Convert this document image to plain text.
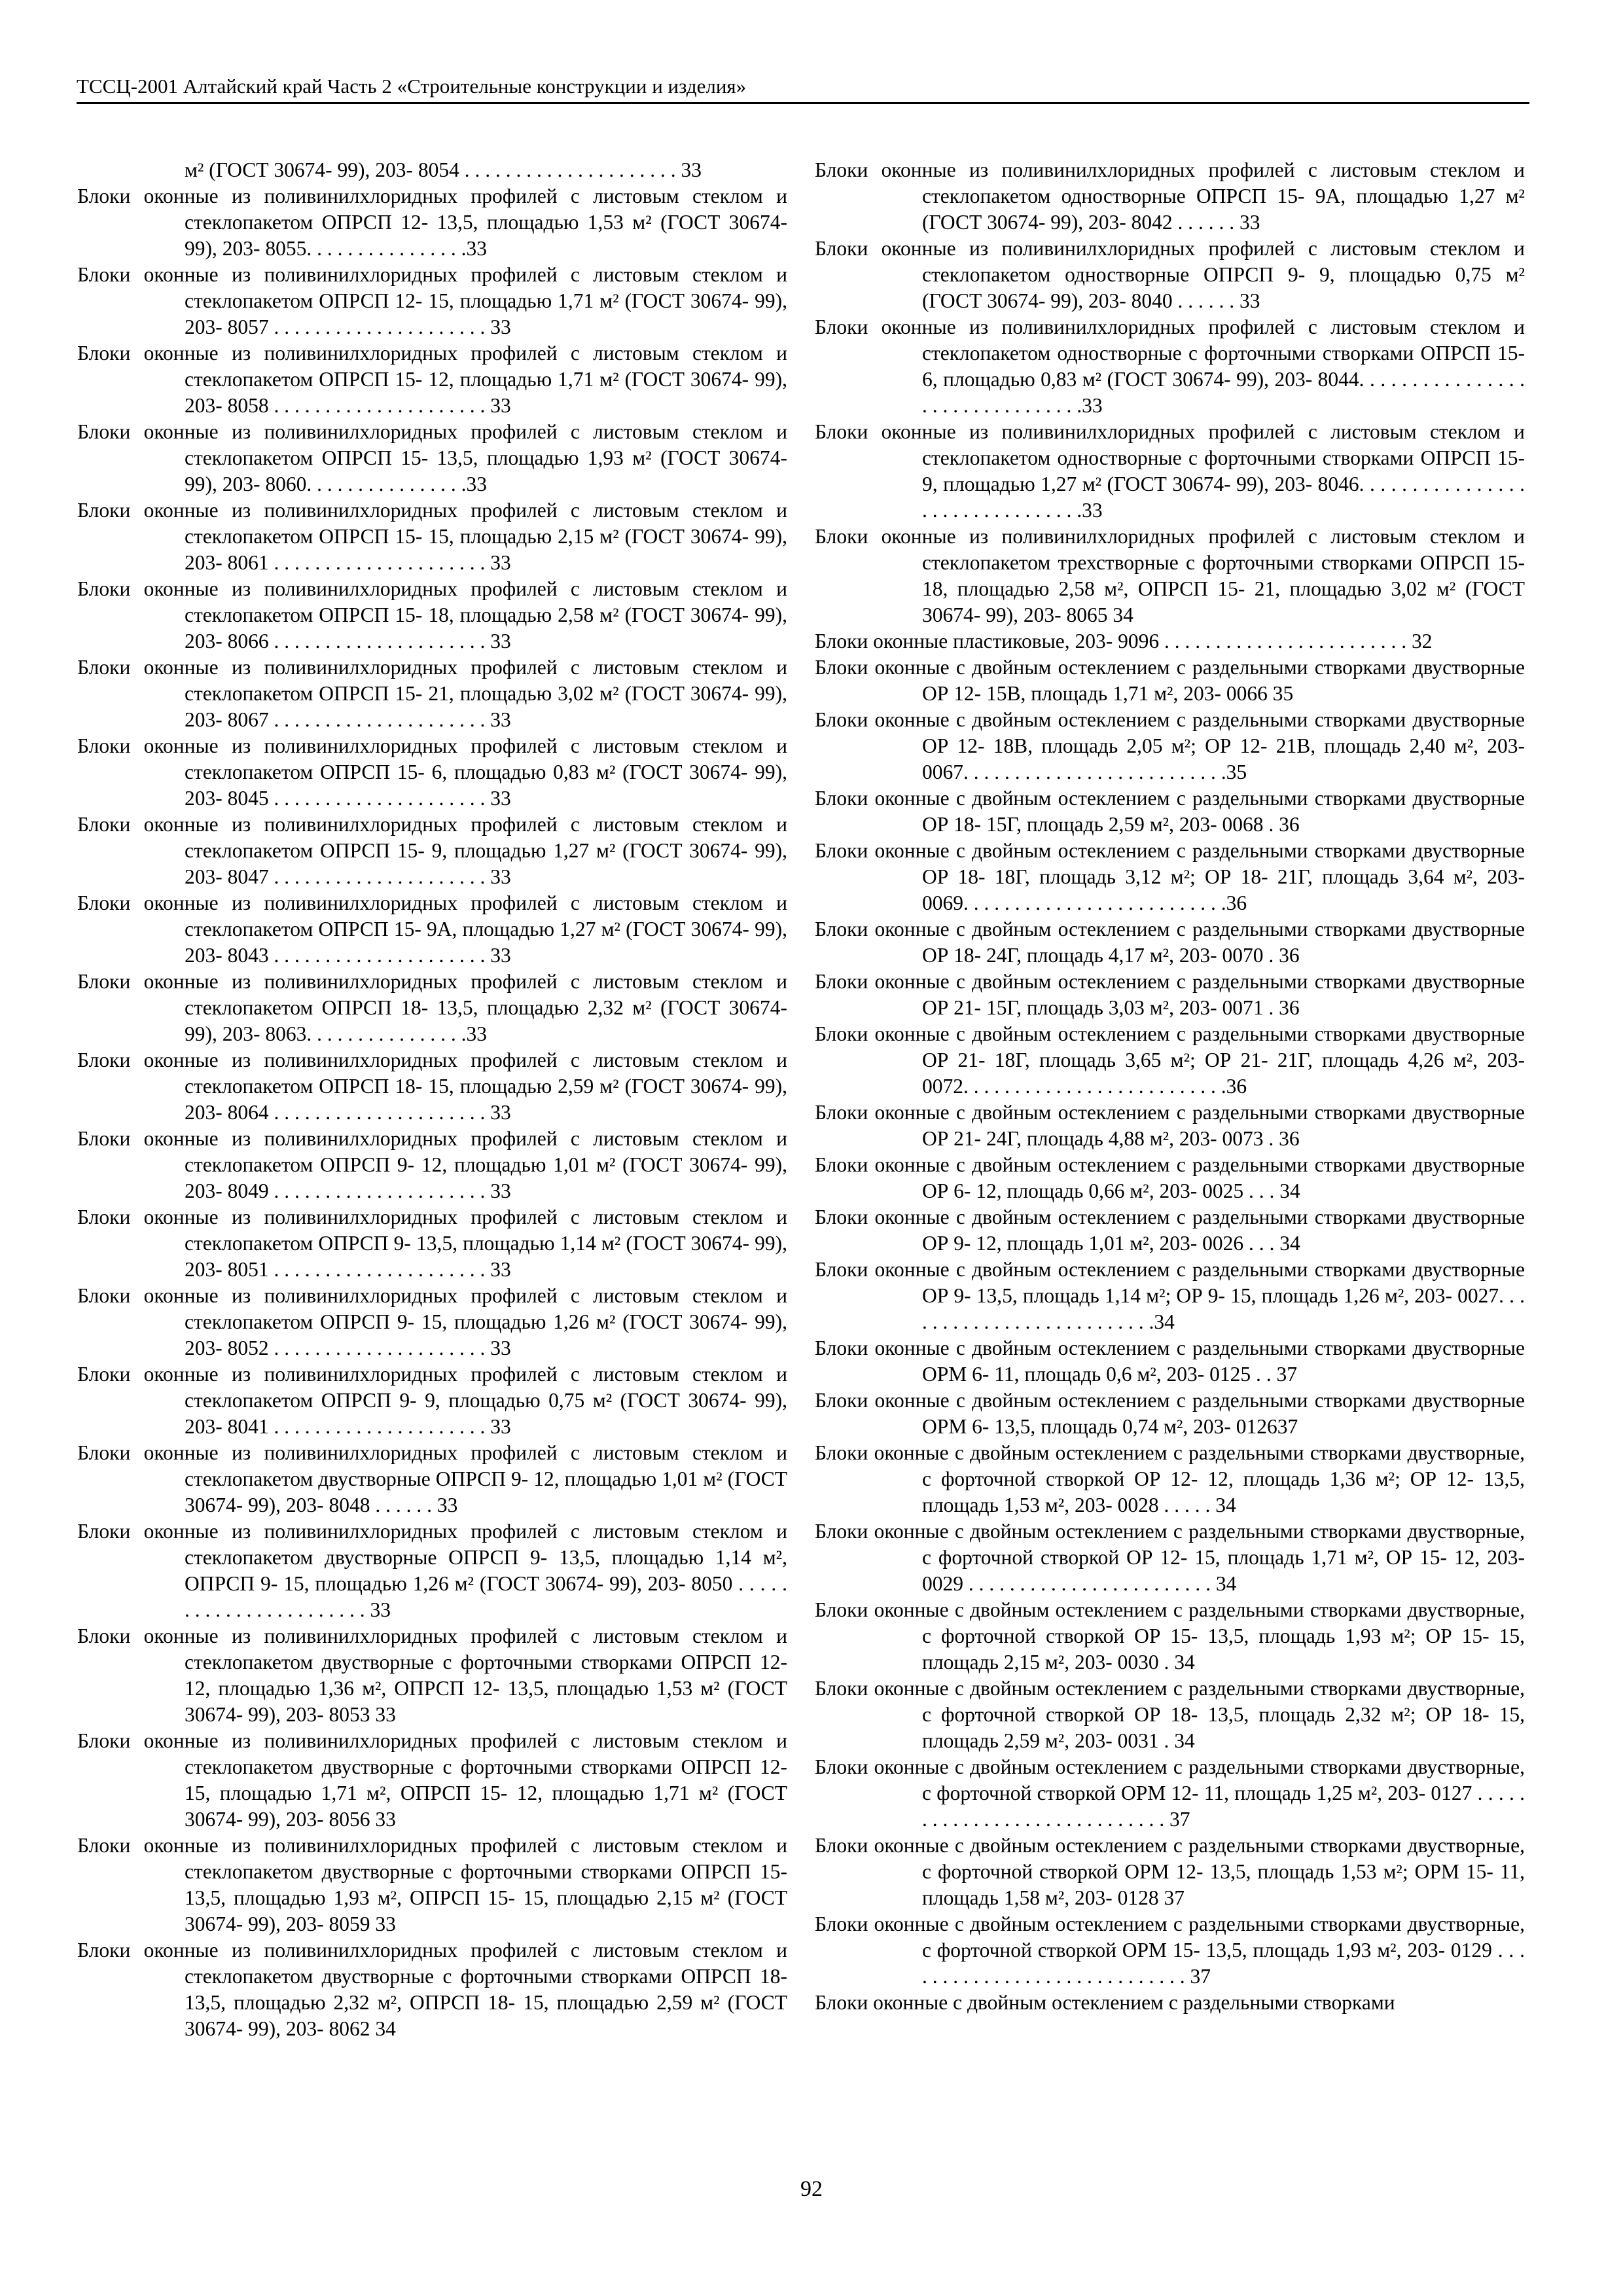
ТССЦ-2001 Алтайский край Часть 2 «Строительные конструкции и изделия»

м² (ГОСТ 30674- 99), 203- 8054 . . . . . . . . . . . . . . . . . . . . . 33

Блоки оконные из поливинилхлоридных профилей с листовым стеклом и стеклопакетом ОПРСП 12- 13,5, площадью 1,53 м² (ГОСТ 30674- 99), 203- 8055. . . . . . . . . . . . . . . .33

Блоки оконные из поливинилхлоридных профилей с листовым стеклом и стеклопакетом ОПРСП 12- 15, площадью 1,71 м² (ГОСТ 30674- 99), 203- 8057 . . . . . . . . . . . . . . . . . . . . . 33

Блоки оконные из поливинилхлоридных профилей с листовым стеклом и стеклопакетом ОПРСП 15- 12, площадью 1,71 м² (ГОСТ 30674- 99), 203- 8058 . . . . . . . . . . . . . . . . . . . . . 33

Блоки оконные из поливинилхлоридных профилей с листовым стеклом и стеклопакетом ОПРСП 15- 13,5, площадью 1,93 м² (ГОСТ 30674- 99), 203- 8060. . . . . . . . . . . . . . . .33

Блоки оконные из поливинилхлоридных профилей с листовым стеклом и стеклопакетом ОПРСП 15- 15, площадью 2,15 м² (ГОСТ 30674- 99), 203- 8061 . . . . . . . . . . . . . . . . . . . . . 33

Блоки оконные из поливинилхлоридных профилей с листовым стеклом и стеклопакетом ОПРСП 15- 18, площадью 2,58 м² (ГОСТ 30674- 99), 203- 8066 . . . . . . . . . . . . . . . . . . . . . 33

Блоки оконные из поливинилхлоридных профилей с листовым стеклом и стеклопакетом ОПРСП 15- 21, площадью 3,02 м² (ГОСТ 30674- 99), 203- 8067 . . . . . . . . . . . . . . . . . . . . . 33

Блоки оконные из поливинилхлоридных профилей с листовым стеклом и стеклопакетом ОПРСП 15- 6, площадью 0,83 м² (ГОСТ 30674- 99), 203- 8045 . . . . . . . . . . . . . . . . . . . . . 33

Блоки оконные из поливинилхлоридных профилей с листовым стеклом и стеклопакетом ОПРСП 15- 9, площадью 1,27 м² (ГОСТ 30674- 99), 203- 8047 . . . . . . . . . . . . . . . . . . . . . 33

Блоки оконные из поливинилхлоридных профилей с листовым стеклом и стеклопакетом ОПРСП 15- 9А, площадью 1,27 м² (ГОСТ 30674- 99), 203- 8043 . . . . . . . . . . . . . . . . . . . . . 33

Блоки оконные из поливинилхлоридных профилей с листовым стеклом и стеклопакетом ОПРСП 18- 13,5, площадью 2,32 м² (ГОСТ 30674- 99), 203- 8063. . . . . . . . . . . . . . . .33

Блоки оконные из поливинилхлоридных профилей с листовым стеклом и стеклопакетом ОПРСП 18- 15, площадью 2,59 м² (ГОСТ 30674- 99), 203- 8064 . . . . . . . . . . . . . . . . . . . . . 33

Блоки оконные из поливинилхлоридных профилей с листовым стеклом и стеклопакетом ОПРСП 9- 12, площадью 1,01 м² (ГОСТ 30674- 99), 203- 8049 . . . . . . . . . . . . . . . . . . . . . 33

Блоки оконные из поливинилхлоридных профилей с листовым стеклом и стеклопакетом ОПРСП 9- 13,5, площадью 1,14 м² (ГОСТ 30674- 99), 203- 8051 . . . . . . . . . . . . . . . . . . . . . 33

Блоки оконные из поливинилхлоридных профилей с листовым стеклом и стеклопакетом ОПРСП 9- 15, площадью 1,26 м² (ГОСТ 30674- 99), 203- 8052 . . . . . . . . . . . . . . . . . . . . . 33

Блоки оконные из поливинилхлоридных профилей с листовым стеклом и стеклопакетом ОПРСП 9- 9, площадью 0,75 м² (ГОСТ 30674- 99), 203- 8041 . . . . . . . . . . . . . . . . . . . . . 33

Блоки оконные из поливинилхлоридных профилей с листовым стеклом и стеклопакетом двустворные ОПРСП 9- 12, площадью 1,01 м² (ГОСТ 30674- 99), 203- 8048 . . . . . . 33

Блоки оконные из поливинилхлоридных профилей с листовым стеклом и стеклопакетом двустворные ОПРСП 9- 13,5, площадью 1,14 м², ОПРСП 9- 15, площадью 1,26 м² (ГОСТ 30674- 99), 203- 8050 . . . . . . . . . . . . . . . . . . . . . . . 33

Блоки оконные из поливинилхлоридных профилей с листовым стеклом и стеклопакетом двустворные с форточными створками ОПРСП 12- 12, площадью 1,36 м², ОПРСП 12- 13,5, площадью 1,53 м² (ГОСТ 30674- 99), 203- 8053 33

Блоки оконные из поливинилхлоридных профилей с листовым стеклом и стеклопакетом двустворные с форточными створками ОПРСП 12- 15, площадью 1,71 м², ОПРСП 15- 12, площадью 1,71 м² (ГОСТ 30674- 99), 203- 8056 33

Блоки оконные из поливинилхлоридных профилей с листовым стеклом и стеклопакетом двустворные с форточными створками ОПРСП 15- 13,5, площадью 1,93 м², ОПРСП 15- 15, площадью 2,15 м² (ГОСТ 30674- 99), 203- 8059 33

Блоки оконные из поливинилхлоридных профилей с листовым стеклом и стеклопакетом двустворные с форточными створками ОПРСП 18- 13,5, площадью 2,32 м², ОПРСП 18- 15, площадью 2,59 м² (ГОСТ 30674- 99), 203- 8062 34

Блоки оконные из поливинилхлоридных профилей с листовым стеклом и стеклопакетом одностворные ОПРСП 15- 9А, площадью 1,27 м² (ГОСТ 30674- 99), 203- 8042 . . . . . . 33

Блоки оконные из поливинилхлоридных профилей с листовым стеклом и стеклопакетом одностворные ОПРСП 9- 9, площадью 0,75 м² (ГОСТ 30674- 99), 203- 8040 . . . . . . 33

Блоки оконные из поливинилхлоридных профилей с листовым стеклом и стеклопакетом одностворные с форточными створками ОПРСП 15- 6, площадью 0,83 м² (ГОСТ 30674- 99), 203- 8044. . . . . . . . . . . . . . . . . . . . . . . . . . . . . . . .33

Блоки оконные из поливинилхлоридных профилей с листовым стеклом и стеклопакетом одностворные с форточными створками ОПРСП 15- 9, площадью 1,27 м² (ГОСТ 30674- 99), 203- 8046. . . . . . . . . . . . . . . . . . . . . . . . . . . . . . . .33

Блоки оконные из поливинилхлоридных профилей с листовым стеклом и стеклопакетом трехстворные с форточными створками ОПРСП 15- 18, площадью 2,58 м², ОПРСП 15- 21, площадью 3,02 м² (ГОСТ 30674- 99), 203- 8065 34

Блоки оконные пластиковые, 203- 9096 . . . . . . . . . . . . . . . . . . . . . . . . 32

Блоки оконные с двойным остеклением с раздельными створками двустворные ОР 12- 15В, площадь 1,71 м², 203- 0066 35

Блоки оконные с двойным остеклением с раздельными створками двустворные ОР 12- 18В, площадь 2,05 м²; ОР 12- 21В, площадь 2,40 м², 203- 0067. . . . . . . . . . . . . . . . . . . . . . . . . .35

Блоки оконные с двойным остеклением с раздельными створками двустворные ОР 18- 15Г, площадь 2,59 м², 203- 0068 . 36

Блоки оконные с двойным остеклением с раздельными створками двустворные ОР 18- 18Г, площадь 3,12 м²; ОР 18- 21Г, площадь 3,64 м², 203- 0069. . . . . . . . . . . . . . . . . . . . . . . . . .36

Блоки оконные с двойным остеклением с раздельными створками двустворные ОР 18- 24Г, площадь 4,17 м², 203- 0070 . 36

Блоки оконные с двойным остеклением с раздельными створками двустворные ОР 21- 15Г, площадь 3,03 м², 203- 0071 . 36

Блоки оконные с двойным остеклением с раздельными створками двустворные ОР 21- 18Г, площадь 3,65 м²; ОР 21- 21Г, площадь 4,26 м², 203- 0072. . . . . . . . . . . . . . . . . . . . . . . . . .36

Блоки оконные с двойным остеклением с раздельными створками двустворные ОР 21- 24Г, площадь 4,88 м², 203- 0073 . 36

Блоки оконные с двойным остеклением с раздельными створками двустворные ОР 6- 12, площадь 0,66 м², 203- 0025 . . . 34

Блоки оконные с двойным остеклением с раздельными створками двустворные ОР 9- 12, площадь 1,01 м², 203- 0026 . . . 34

Блоки оконные с двойным остеклением с раздельными створками двустворные ОР 9- 13,5, площадь 1,14 м²; ОР 9- 15, площадь 1,26 м², 203- 0027. . . . . . . . . . . . . . . . . . . . . . . . . .34

Блоки оконные с двойным остеклением с раздельными створками двустворные ОРМ 6- 11, площадь 0,6 м², 203- 0125 . . 37

Блоки оконные с двойным остеклением с раздельными створками двустворные ОРМ 6- 13,5, площадь 0,74 м², 203- 012637

Блоки оконные с двойным остеклением с раздельными створками двустворные, с форточной створкой ОР 12- 12, площадь 1,36 м²; ОР 12- 13,5, площадь 1,53 м², 203- 0028 . . . . . 34

Блоки оконные с двойным остеклением с раздельными створками двустворные, с форточной створкой ОР 12- 15, площадь 1,71 м², ОР 15- 12, 203- 0029 . . . . . . . . . . . . . . . . . . . . . . . . 34

Блоки оконные с двойным остеклением с раздельными створками двустворные, с форточной створкой ОР 15- 13,5, площадь 1,93 м²; ОР 15- 15, площадь 2,15 м², 203- 0030 . 34

Блоки оконные с двойным остеклением с раздельными створками двустворные, с форточной створкой ОР 18- 13,5, площадь 2,32 м²; ОР 18- 15, площадь 2,59 м², 203- 0031 . 34

Блоки оконные с двойным остеклением с раздельными створками двустворные, с форточной створкой ОРМ 12- 11, площадь 1,25 м², 203- 0127 . . . . . . . . . . . . . . . . . . . . . . . . . . . . . 37

Блоки оконные с двойным остеклением с раздельными створками двустворные, с форточной створкой ОРМ 12- 13,5, площадь 1,53 м²; ОРМ 15- 11, площадь 1,58 м², 203- 0128 37

Блоки оконные с двойным остеклением с раздельными створками двустворные, с форточной створкой ОРМ 15- 13,5, площадь 1,93 м², 203- 0129 . . . . . . . . . . . . . . . . . . . . . . . . . . . . . 37

Блоки оконные с двойным остеклением с раздельными створками

92
